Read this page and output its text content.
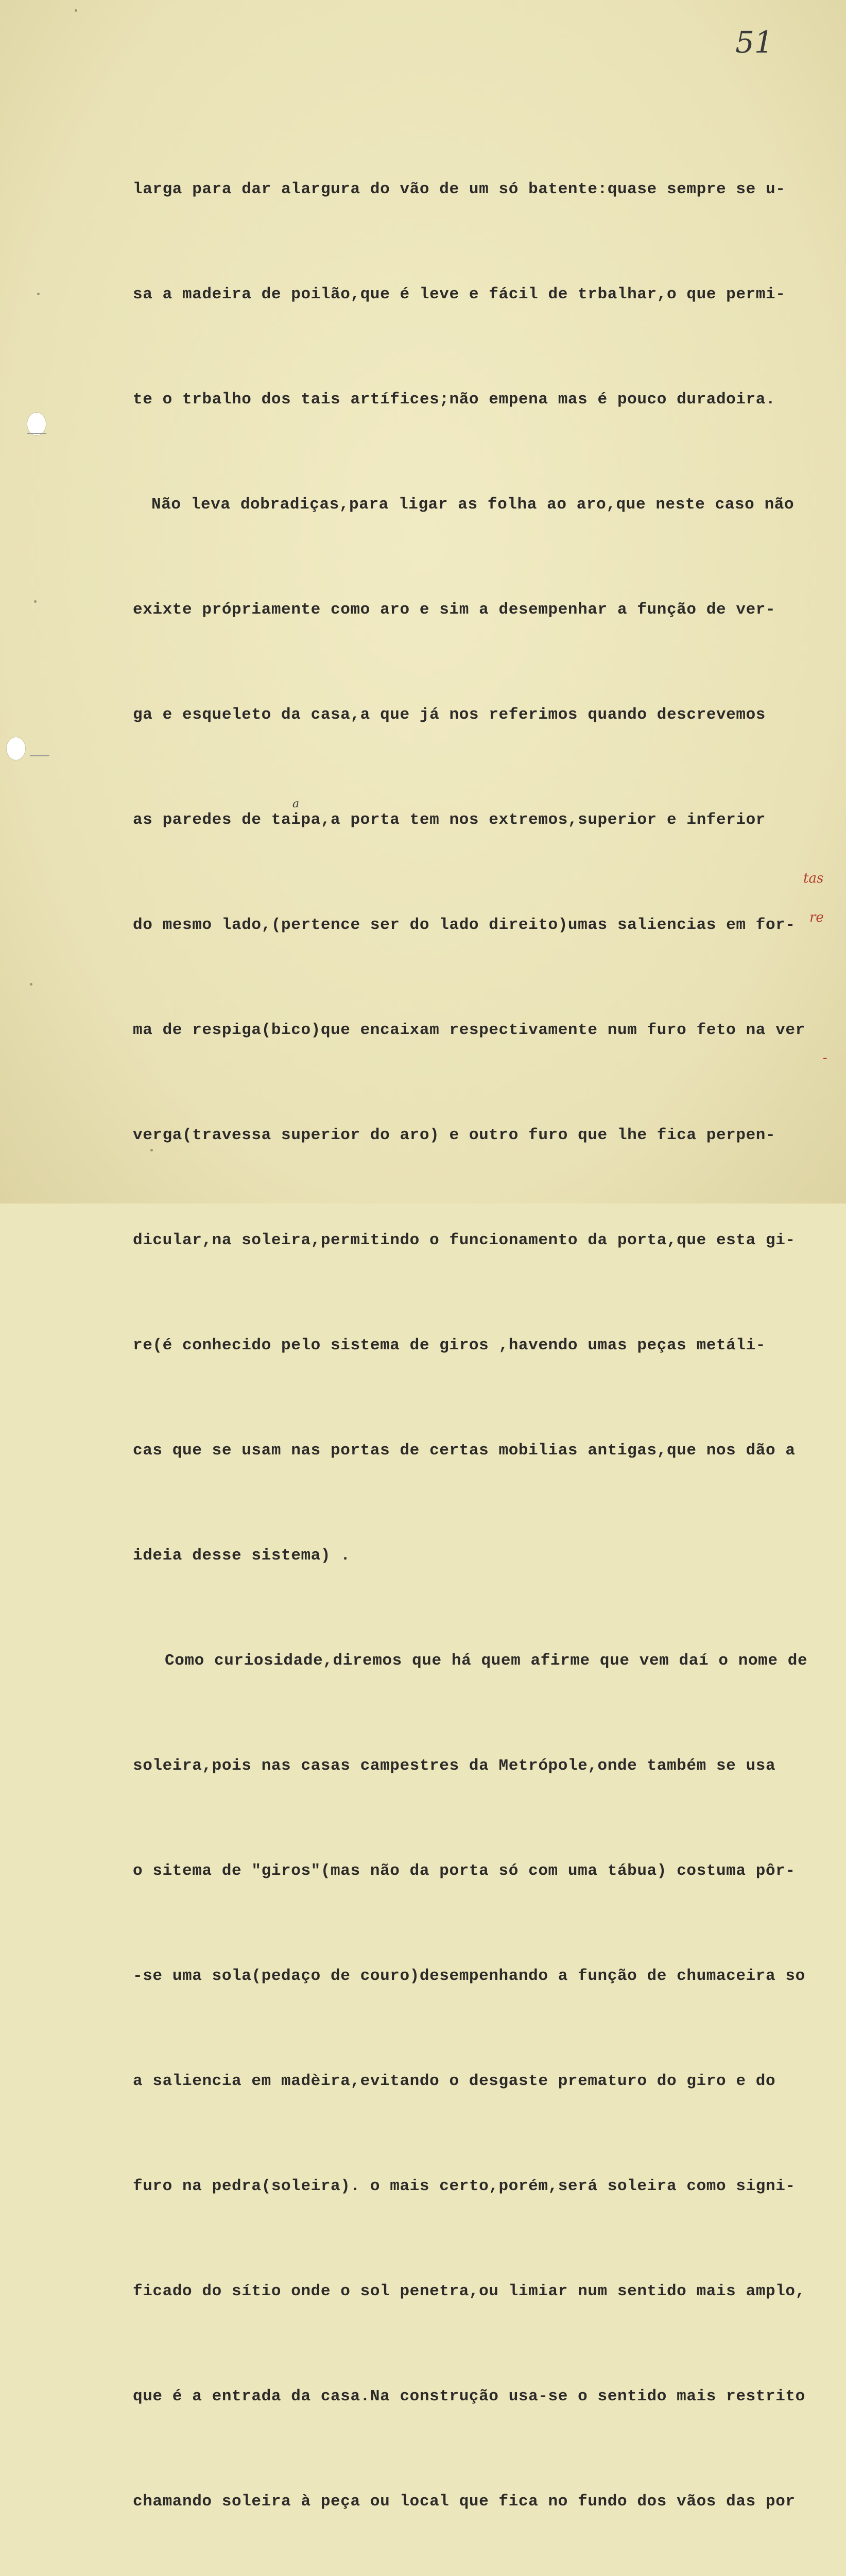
51

larga para dar alargura do vão de um só batente:quase sempre se u-

sa a madeira de poilão,que é leve e fácil de trbalhar,o que permi-

te o trbalho dos tais artífices;não empena mas é pouco duradoira.

Não leva dobradiças,para ligar as folha ao aro,que neste caso não

exixte própriamente como aro e sim a desempenhar a função de ver-

ga e esqueleto da casa,a que já nos referimos quando descrevemos

as paredes de taipa,a porta tem nos extremos,superior e inferior

do mesmo lado,(pertence ser do lado direito)umas saliencias em for-

ma de respiga(bico)que encaixam respectivamente num furo feto na ver

verga(travessa superior do aro) e outro furo que lhe fica perpen-

dicular,na soleira,permitindo o funcionamento da porta,que esta gi-

re(é conhecido pelo sistema de giros ,havendo umas peças metáli-

cas que se usam nas portas de certas mobilias antigas,que nos dão a

ideia desse sistema) .

Como curiosidade,diremos que há quem afirme que vem daí o nome de

soleira,pois nas casas campestres da Metrópole,onde também se usa

o sitema de "giros"(mas não da porta só com uma tábua) costuma pôr-

-se uma sola(pedaço de couro)desempenhando a função de chumaceira so

a saliencia em madèira,evitando o desgaste prematuro do giro e do

furo na pedra(soleira). o mais certo,porém,será soleira como signi-

ficado do sítio onde o sol penetra,ou limiar num sentido mais amplo,

que é a entrada da casa.Na construção usa-se o sentido mais restrito

chamando soleira à peça ou local que fica no fundo dos vãos das por

a
tas
re
-
